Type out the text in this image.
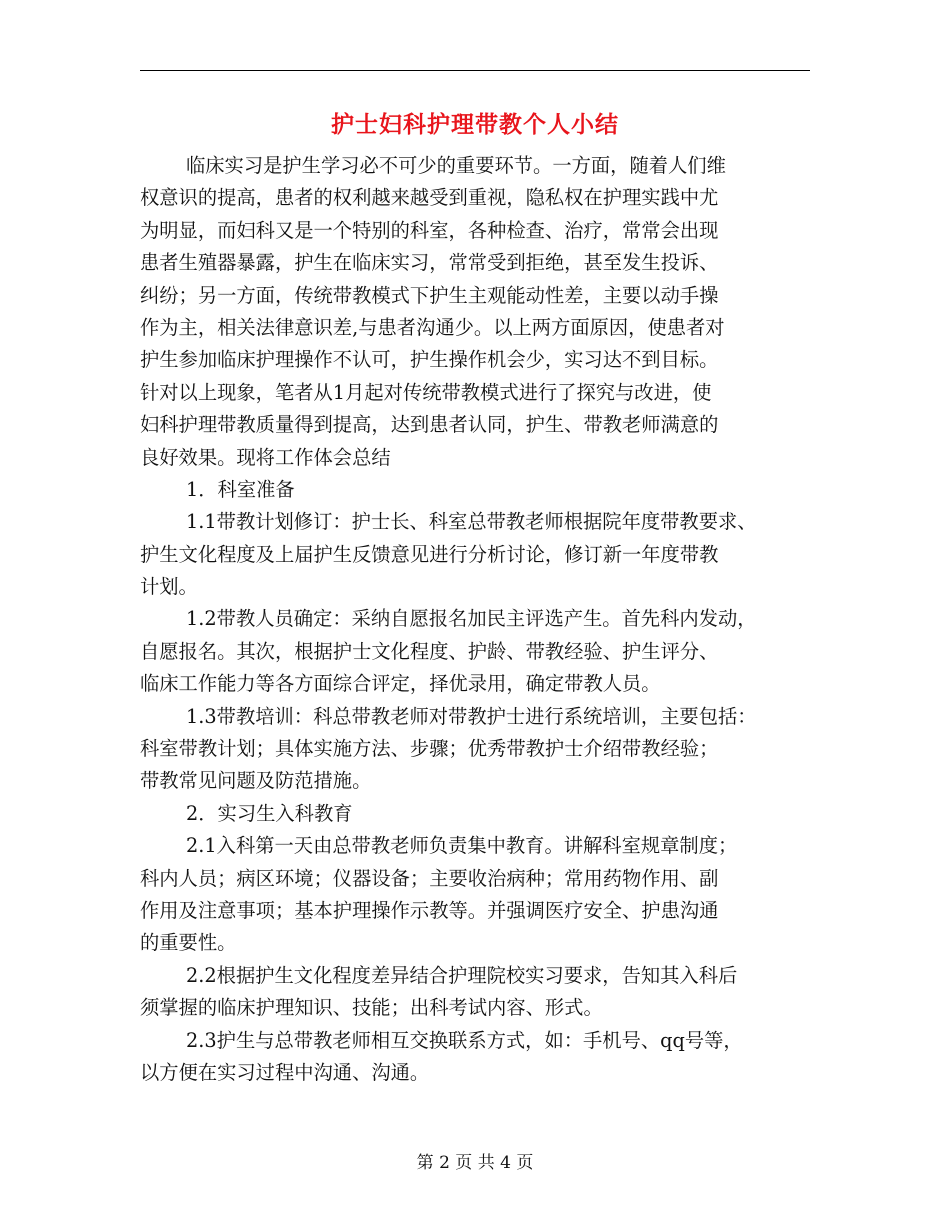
护士妇科护理带教个人小结
临床实习是护生学习必不可少的重要环节。一方面，随着人们维
权意识的提高，患者的权利越来越受到重视，隐私权在护理实践中尤
为明显，而妇科又是一个特别的科室，各种检查、治疗，常常会出现
患者生殖器暴露，护生在临床实习，常常受到拒绝，甚至发生投诉、
纠纷；另一方面，传统带教模式下护生主观能动性差，主要以动手操
作为主，相关法律意识差,与患者沟通少。以上两方面原因，使患者对
护生参加临床护理操作不认可，护生操作机会少，实习达不到目标。
针对以上现象，笔者从1月起对传统带教模式进行了探究与改进，使
妇科护理带教质量得到提高，达到患者认同，护生、带教老师满意的
良好效果。现将工作体会总结
1．科室准备
1.1带教计划修订：护士长、科室总带教老师根据院年度带教要求、
护生文化程度及上届护生反馈意见进行分析讨论，修订新一年度带教
计划。
1.2带教人员确定：采纳自愿报名加民主评选产生。首先科内发动，
自愿报名。其次，根据护士文化程度、护龄、带教经验、护生评分、
临床工作能力等各方面综合评定，择优录用，确定带教人员。
1.3带教培训：科总带教老师对带教护士进行系统培训，主要包括：
科室带教计划；具体实施方法、步骤；优秀带教护士介绍带教经验；
带教常见问题及防范措施。
2．实习生入科教育
2.1入科第一天由总带教老师负责集中教育。讲解科室规章制度；
科内人员；病区环境；仪器设备；主要收治病种；常用药物作用、副
作用及注意事项；基本护理操作示教等。并强调医疗安全、护患沟通
的重要性。
2.2根据护生文化程度差异结合护理院校实习要求，告知其入科后
须掌握的临床护理知识、技能；出科考试内容、形式。
2.3护生与总带教老师相互交换联系方式，如：手机号、qq号等，
以方便在实习过程中沟通、沟通。
第 2 页 共 4 页
